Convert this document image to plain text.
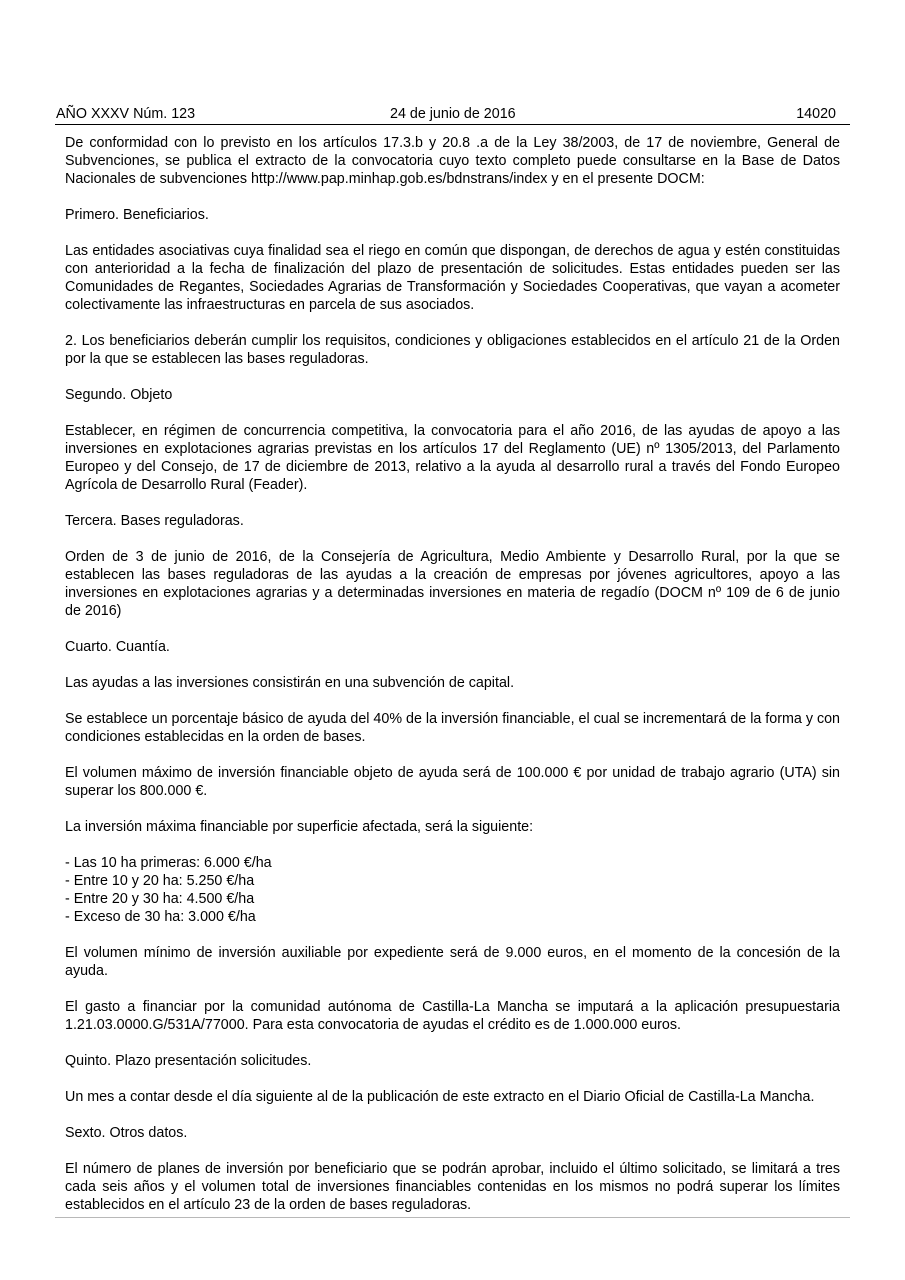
AÑO XXXV Núm. 123	24 de junio de 2016	14020

De conformidad con lo previsto en los artículos 17.3.b y 20.8 .a de la Ley 38/2003, de 17 de noviembre, General de Subvenciones, se publica el extracto de la convocatoria cuyo texto completo puede consultarse en la Base de Datos Nacionales de subvenciones http://www.pap.minhap.gob.es/bdnstrans/index y en el presente DOCM:

Primero. Beneficiarios.

Las entidades asociativas cuya finalidad sea el riego en común que dispongan, de derechos de agua y estén constituidas con anterioridad a la fecha de finalización del plazo de presentación de solicitudes. Estas entidades pueden ser las Comunidades de Regantes, Sociedades Agrarias de Transformación y Sociedades Cooperativas, que vayan a acometer colectivamente las infraestructuras en parcela de sus asociados.

2. Los beneficiarios deberán cumplir los requisitos, condiciones y obligaciones establecidos en el artículo 21 de la Orden por la que se establecen las bases reguladoras.

Segundo. Objeto

Establecer, en régimen de concurrencia competitiva, la convocatoria para el año 2016, de las ayudas de apoyo a las inversiones en explotaciones agrarias previstas en los artículos 17 del Reglamento (UE) nº 1305/2013, del Parlamento Europeo y del Consejo, de 17 de diciembre de 2013, relativo a la ayuda al desarrollo rural a través del Fondo Europeo Agrícola de Desarrollo Rural (Feader).

Tercera. Bases reguladoras.

Orden de 3 de junio de 2016, de la Consejería de Agricultura, Medio Ambiente y Desarrollo Rural, por la que se establecen las bases reguladoras de las ayudas a la creación de empresas por jóvenes agricultores, apoyo a las inversiones en explotaciones agrarias y a determinadas inversiones en materia de regadío (DOCM nº 109 de 6 de junio de 2016)

Cuarto. Cuantía.

Las ayudas a las inversiones consistirán en una subvención de capital.

Se establece un porcentaje básico de ayuda del 40% de la inversión financiable, el cual se incrementará de la forma y con condiciones establecidas en la orden de bases.

El volumen máximo de inversión financiable objeto de ayuda será de 100.000 € por unidad de trabajo agrario (UTA) sin superar los 800.000 €.

La inversión máxima financiable por superficie afectada, será la siguiente:

- Las 10 ha primeras: 6.000 €/ha
- Entre 10 y 20 ha: 5.250 €/ha
- Entre 20 y 30 ha: 4.500 €/ha
- Exceso de 30 ha: 3.000 €/ha

El volumen mínimo de inversión auxiliable por expediente será de 9.000 euros, en el momento de la concesión de la ayuda.

El gasto a financiar por la comunidad autónoma de Castilla-La Mancha se imputará a la aplicación presupuestaria 1.21.03.0000.G/531A/77000. Para esta convocatoria de ayudas el crédito es de 1.000.000 euros.

Quinto. Plazo presentación solicitudes.

Un mes a contar desde el día siguiente al de la publicación de este extracto en el Diario Oficial de Castilla-La Mancha.

Sexto. Otros datos.

El número de planes de inversión por beneficiario que se podrán aprobar, incluido el último solicitado, se limitará a tres cada seis años y el volumen total de inversiones financiables contenidas en los mismos no podrá superar los límites establecidos en el artículo 23 de la orden de bases reguladoras.
